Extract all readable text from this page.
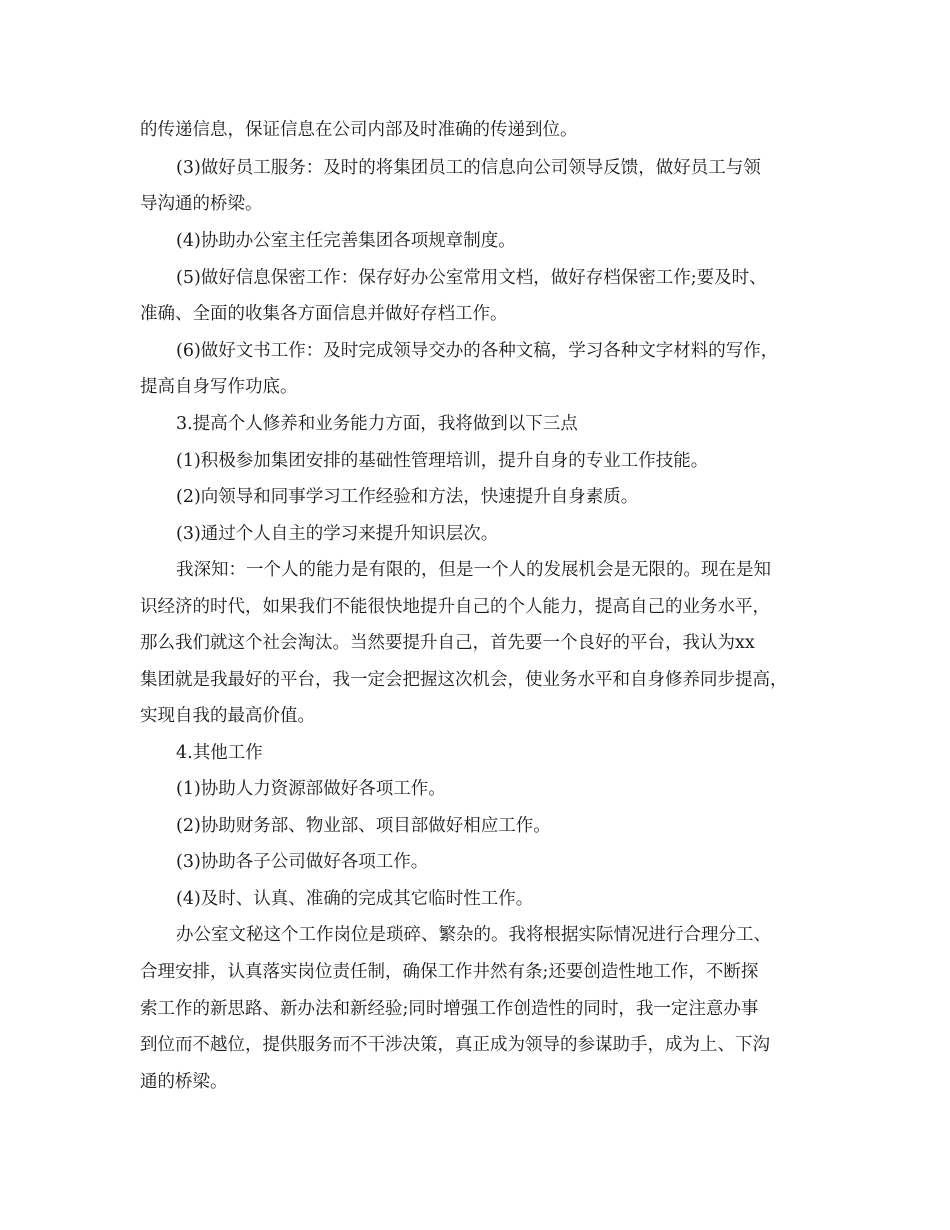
的传递信息，保证信息在公司内部及时准确的传递到位。
(3)做好员工服务：及时的将集团员工的信息向公司领导反馈，做好员工与领
导沟通的桥梁。
(4)协助办公室主任完善集团各项规章制度。
(5)做好信息保密工作：保存好办公室常用文档，做好存档保密工作;要及时、
准确、全面的收集各方面信息并做好存档工作。
(6)做好文书工作：及时完成领导交办的各种文稿，学习各种文字材料的写作，
提高自身写作功底。
3.提高个人修养和业务能力方面，我将做到以下三点
(1)积极参加集团安排的基础性管理培训，提升自身的专业工作技能。
(2)向领导和同事学习工作经验和方法，快速提升自身素质。
(3)通过个人自主的学习来提升知识层次。
我深知：一个人的能力是有限的，但是一个人的发展机会是无限的。现在是知
识经济的时代，如果我们不能很快地提升自己的个人能力，提高自己的业务水平，
那么我们就这个社会淘汰。当然要提升自己，首先要一个良好的平台，我认为xx
集团就是我最好的平台，我一定会把握这次机会，使业务水平和自身修养同步提高，
实现自我的最高价值。
4.其他工作
(1)协助人力资源部做好各项工作。
(2)协助财务部、物业部、项目部做好相应工作。
(3)协助各子公司做好各项工作。
(4)及时、认真、准确的完成其它临时性工作。
办公室文秘这个工作岗位是琐碎、繁杂的。我将根据实际情况进行合理分工、
合理安排，认真落实岗位责任制，确保工作井然有条;还要创造性地工作，不断探
索工作的新思路、新办法和新经验;同时增强工作创造性的同时，我一定注意办事
到位而不越位，提供服务而不干涉决策，真正成为领导的参谋助手，成为上、下沟
通的桥梁。
